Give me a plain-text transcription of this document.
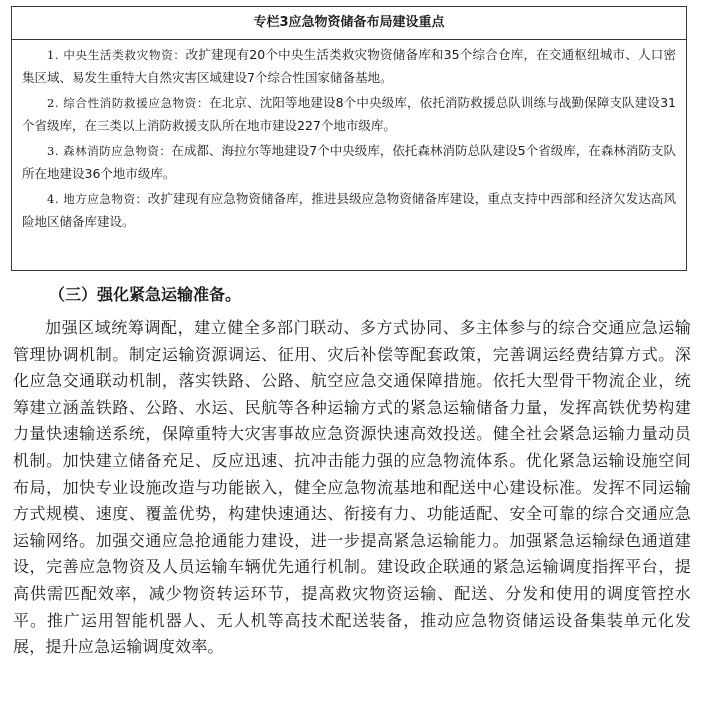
专栏3应急物资储备布局建设重点

1. 中央生活类救灾物资：改扩建现有20个中央生活类救灾物资储备库和35个综合仓库，在交通枢纽城市、人口密集区域、易发生重特大自然灾害区域建设7个综合性国家储备基地。

2. 综合性消防救援应急物资：在北京、沈阳等地建设8个中央级库，依托消防救援总队训练与战勤保障支队建设31个省级库，在三类以上消防救援支队所在地市建设227个地市级库。

3. 森林消防应急物资：在成都、海拉尔等地建设7个中央级库，依托森林消防总队建设5个省级库，在森林消防支队所在地建设36个地市级库。

4. 地方应急物资：改扩建现有应急物资储备库，推进县级应急物资储备库建设，重点支持中西部和经济欠发达高风险地区储备库建设。

（三）强化紧急运输准备。

加强区域统筹调配，建立健全多部门联动、多方式协同、多主体参与的综合交通应急运输管理协调机制。制定运输资源调运、征用、灾后补偿等配套政策，完善调运经费结算方式。深化应急交通联动机制，落实铁路、公路、航空应急交通保障措施。依托大型骨干物流企业，统筹建立涵盖铁路、公路、水运、民航等各种运输方式的紧急运输储备力量，发挥高铁优势构建力量快速输送系统，保障重特大灾害事故应急资源快速高效投送。健全社会紧急运输力量动员机制。加快建立储备充足、反应迅速、抗冲击能力强的应急物流体系。优化紧急运输设施空间布局，加快专业设施改造与功能嵌入，健全应急物流基地和配送中心建设标准。发挥不同运输方式规模、速度、覆盖优势，构建快速通达、衔接有力、功能适配、安全可靠的综合交通应急运输网络。加强交通应急抢通能力建设，进一步提高紧急运输能力。加强紧急运输绿色通道建设，完善应急物资及人员运输车辆优先通行机制。建设政企联通的紧急运输调度指挥平台，提高供需匹配效率，减少物资转运环节，提高救灾物资运输、配送、分发和使用的调度管控水平。推广运用智能机器人、无人机等高技术配送装备，推动应急物资储运设备集装单元化发展，提升应急运输调度效率。
